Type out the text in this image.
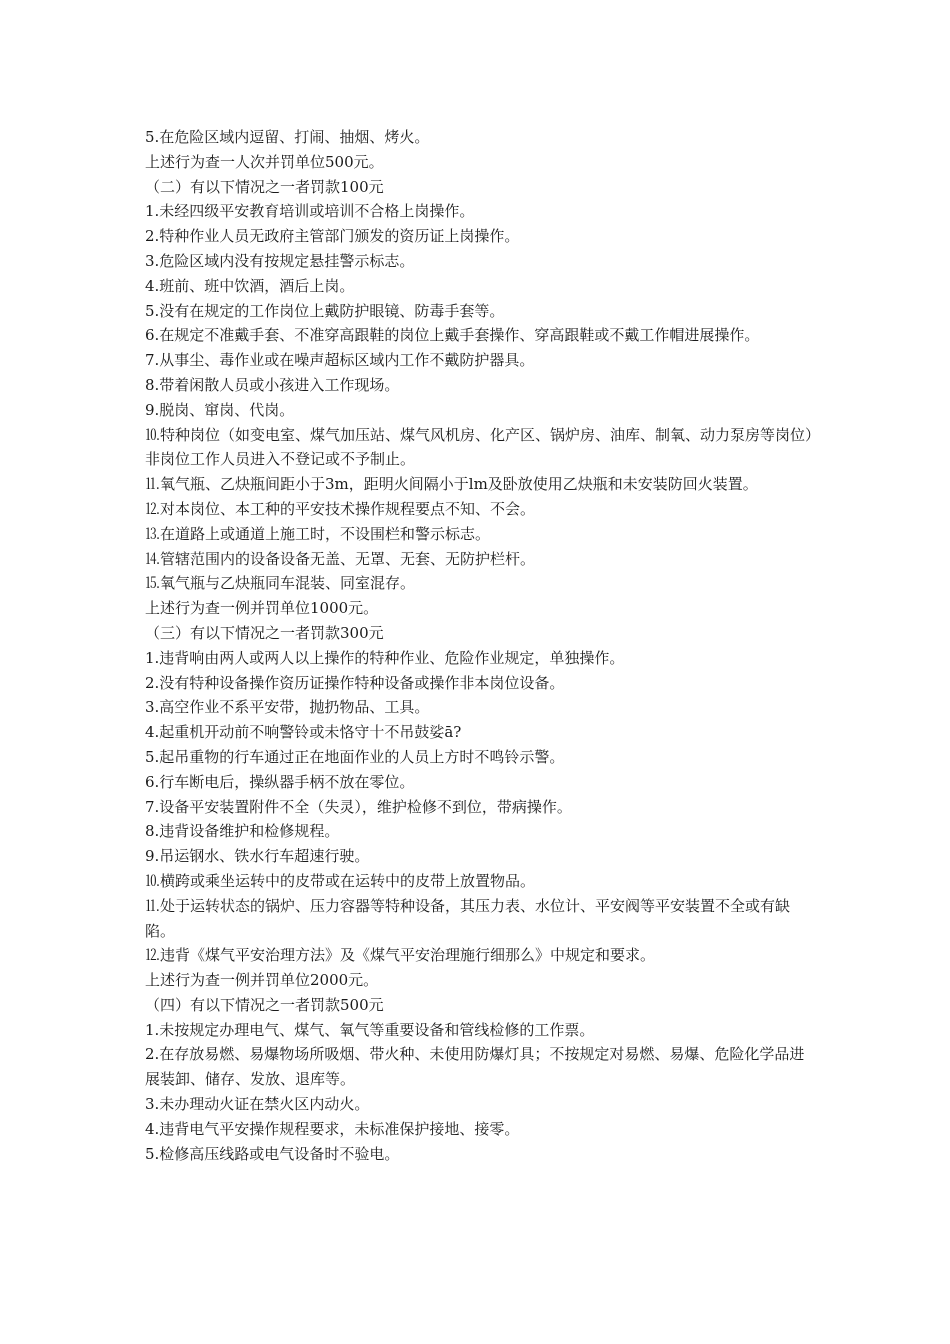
5.在危险区域内逗留、打闹、抽烟、烤火。

上述行为查一人次并罚单位500元。

（二）有以下情况之一者罚款100元

1.未经四级平安教育培训或培训不合格上岗操作。

2.特种作业人员无政府主管部门颁发的资历证上岗操作。

3.危险区域内没有按规定悬挂警示标志。

4.班前、班中饮酒，酒后上岗。

5.没有在规定的工作岗位上戴防护眼镜、防毒手套等。

6.在规定不准戴手套、不准穿高跟鞋的岗位上戴手套操作、穿高跟鞋或不戴工作帽进展操作。

7.从事尘、毒作业或在噪声超标区域内工作不戴防护器具。

8.带着闲散人员或小孩进入工作现场。

9.脱岗、窜岗、代岗。

⒑特种岗位（如变电室、煤气加压站、煤气风机房、化产区、锅炉房、油库、制氧、动力泵房等岗位）非岗位工作人员进入不登记或不予制止。

⒒氧气瓶、乙炔瓶间距小于3m，距明火间隔小于lm及卧放使用乙炔瓶和未安装防回火装置。

⒓对本岗位、本工种的平安技术操作规程要点不知、不会。

⒔在道路上或通道上施工时，不设围栏和警示标志。

⒕管辖范围内的设备设备无盖、无罩、无套、无防护栏杆。

⒖氧气瓶与乙炔瓶同车混装、同室混存。

上述行为查一例并罚单位1000元。

（三）有以下情况之一者罚款300元

1.违背响由两人或两人以上操作的特种作业、危险作业规定，单独操作。

2.没有特种设备操作资历证操作特种设备或操作非本岗位设备。

3.高空作业不系平安带，抛扔物品、工具。

4.起重机开动前不响警铃或未恪守十不吊鼓娑ā?

5.起吊重物的行车通过正在地面作业的人员上方时不鸣铃示警。

6.行车断电后，操纵器手柄不放在零位。

7.设备平安装置附件不全（失灵），维护检修不到位，带病操作。

8.违背设备维护和检修规程。

9.吊运钢水、铁水行车超速行驶。

⒑横跨或乘坐运转中的皮带或在运转中的皮带上放置物品。

⒒处于运转状态的锅炉、压力容器等特种设备，其压力表、水位计、平安阀等平安装置不全或有缺陷。

⒓违背《煤气平安治理方法》及《煤气平安治理施行细那么》中规定和要求。

上述行为查一例并罚单位2000元。

（四）有以下情况之一者罚款500元

1.未按规定办理电气、煤气、氧气等重要设备和管线检修的工作票。

2.在存放易燃、易爆物场所吸烟、带火种、未使用防爆灯具；不按规定对易燃、易爆、危险化学品进展装卸、储存、发放、退库等。

3.未办理动火证在禁火区内动火。

4.违背电气平安操作规程要求，未标准保护接地、接零。

5.检修高压线路或电气设备时不验电。
